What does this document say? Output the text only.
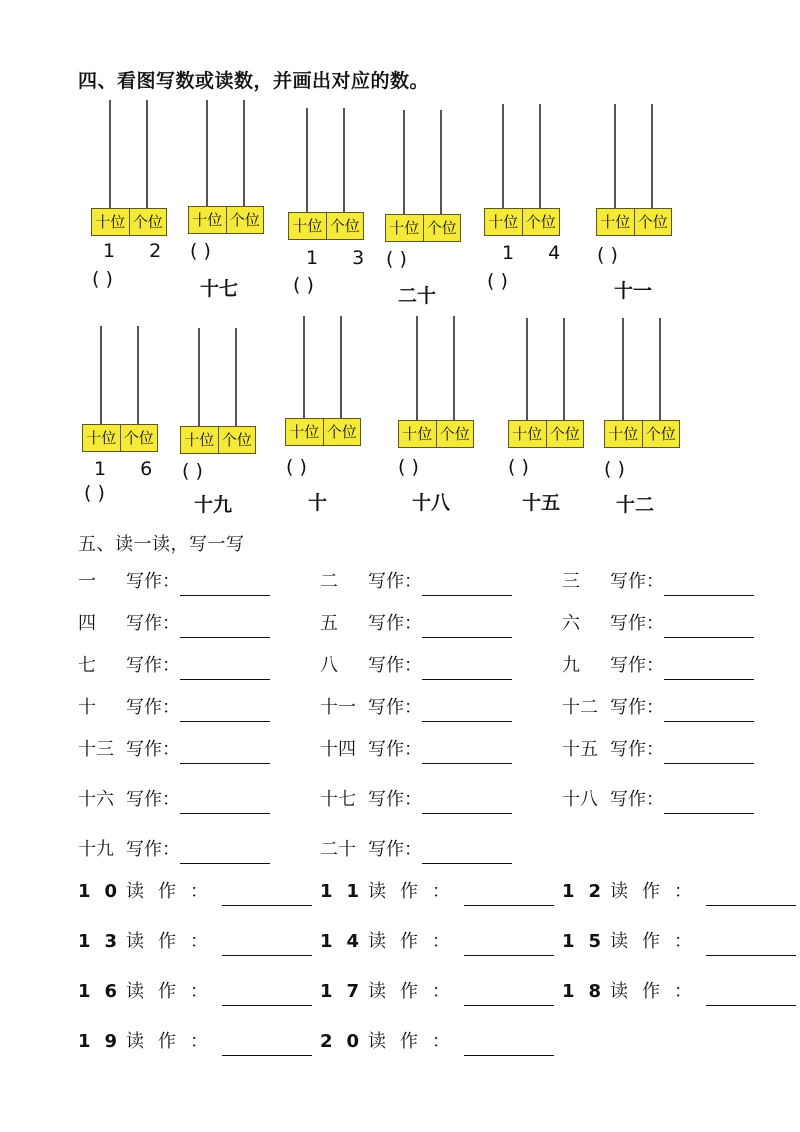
四、看图写数或读数，并画出对应的数。
十位 个位
1 2
( )
十位 个位
( )
十七
十位 个位
1 3
( )
十位 个位
( )
二十
十位 个位
1 4
( )
十位 个位
( )
十一
十位 个位
1 6
( )
十位 个位
( )
十九
十位 个位
( )
十
十位 个位
( )
十八
十位 个位
( )
十五
十位 个位
( )
十二
五、读一读，写一写
一 写作：	二 写作：	三 写作：
四 写作：	五 写作：	六 写作：
七 写作：	八 写作：	九 写作：
十 写作：	十一 写作：	十二 写作：
十三 写作：	十四 写作：	十五 写作：
十六 写作：	十七 写作：	十八 写作：
十九 写作：	二十 写作：
10读作：	11读作：	12读作：
13读作：	14读作：	15读作：
16读作：	17读作：	18读作：
19读作：	20读作：
